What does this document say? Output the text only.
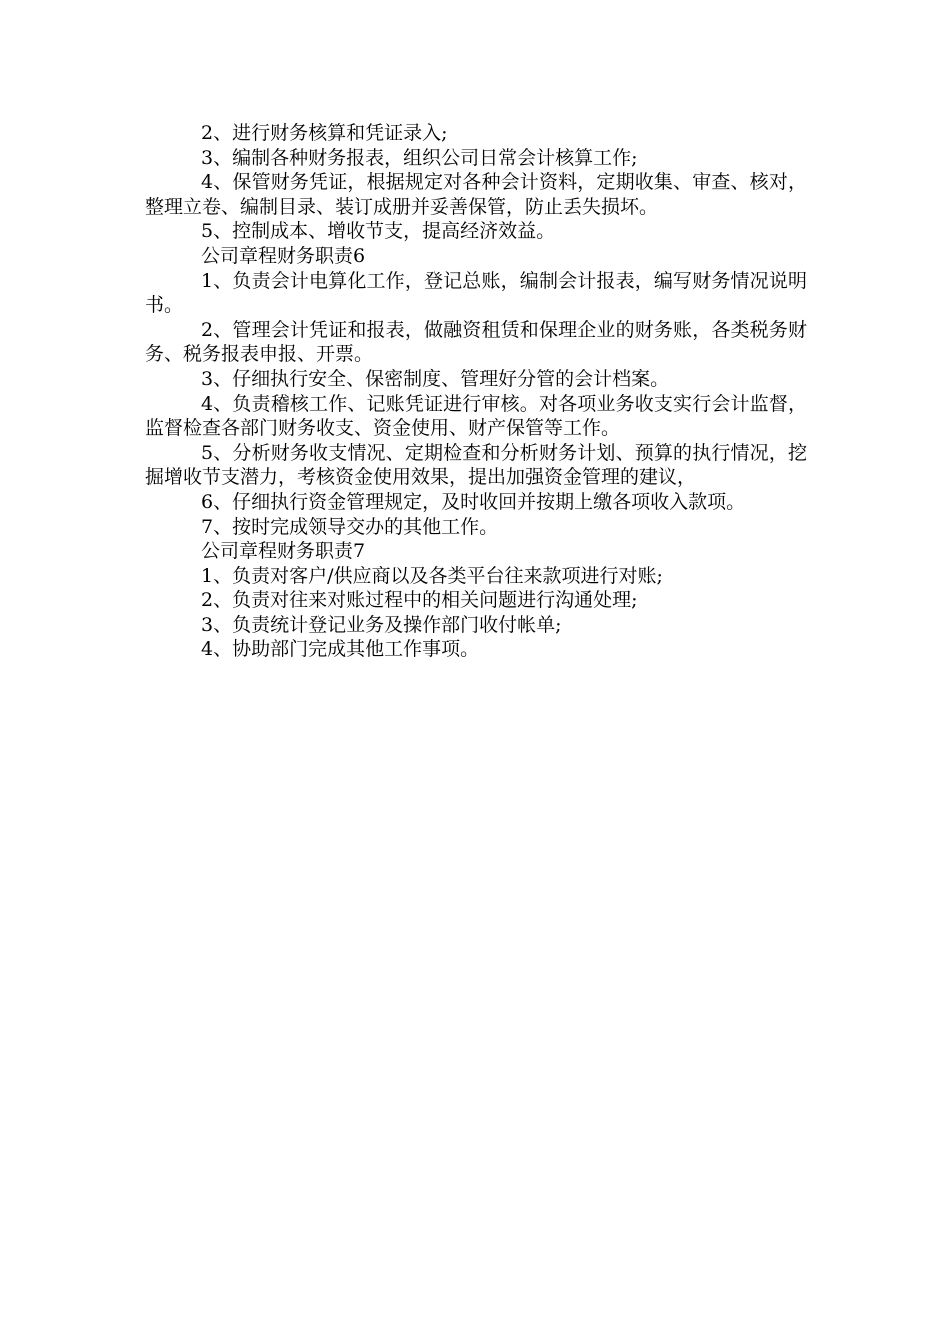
2、进行财务核算和凭证录入;

3、编制各种财务报表，组织公司日常会计核算工作;

4、保管财务凭证，根据规定对各种会计资料，定期收集、审查、核对，整理立卷、编制目录、装订成册并妥善保管，防止丢失损坏。

5、控制成本、增收节支，提高经济效益。

公司章程财务职责6

1、负责会计电算化工作，登记总账，编制会计报表，编写财务情况说明书。

2、管理会计凭证和报表，做融资租赁和保理企业的财务账，各类税务财务、税务报表申报、开票。

3、仔细执行安全、保密制度、管理好分管的会计档案。

4、负责稽核工作、记账凭证进行审核。对各项业务收支实行会计监督，监督检查各部门财务收支、资金使用、财产保管等工作。

5、分析财务收支情况、定期检查和分析财务计划、预算的执行情况，挖掘增收节支潜力，考核资金使用效果，提出加强资金管理的建议，

6、仔细执行资金管理规定，及时收回并按期上缴各项收入款项。

7、按时完成领导交办的其他工作。

公司章程财务职责7

1、负责对客户/供应商以及各类平台往来款项进行对账;

2、负责对往来对账过程中的相关问题进行沟通处理;

3、负责统计登记业务及操作部门收付帐单;

4、协助部门完成其他工作事项。
